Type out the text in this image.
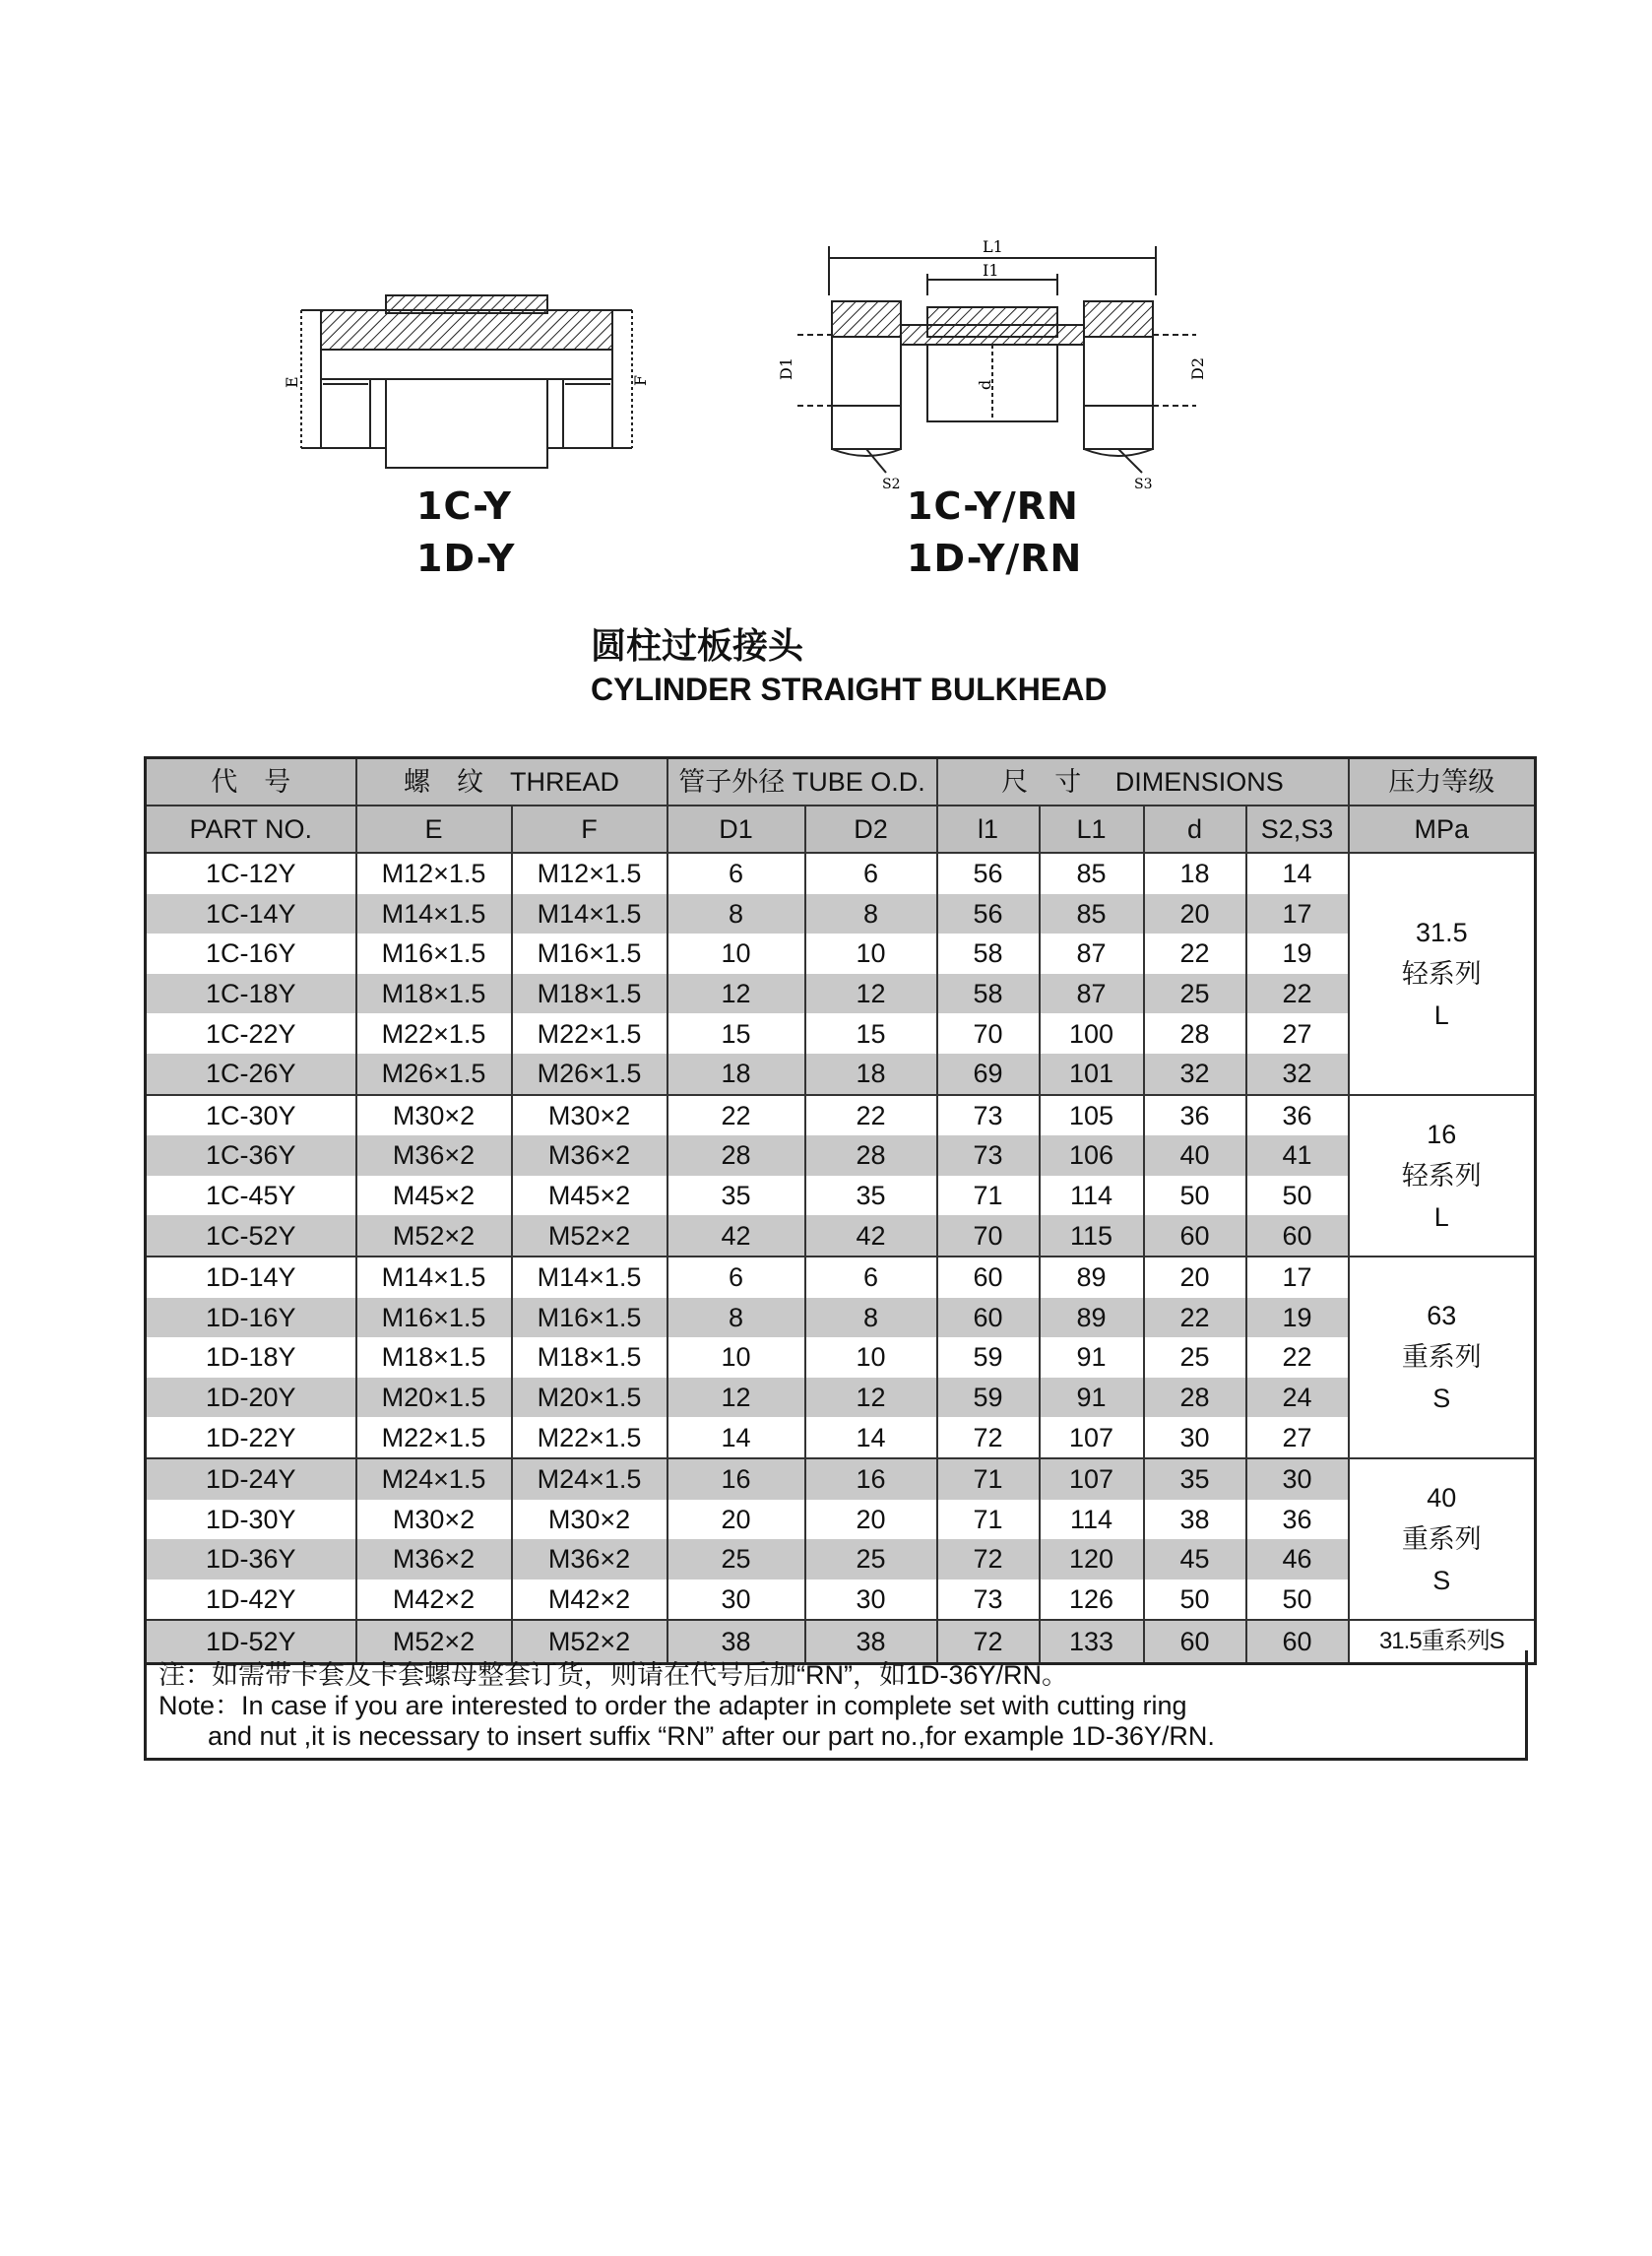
E	F
L1
I1
D1	D2
d
S2	S3
1C-Y
1D-Y
1C-Y/RN
1D-Y/RN
圆柱过板接头
CYLINDER STRAIGHT BULKHEAD
代　号	螺　纹　THREAD		管子外径 TUBE O.D.		尺　寸　 DIMENSIONS				压力等级
PART NO.	E	F	D1	D2	l1	L1	d	S2,S3	MPa
1C-12Y	M12×1.5	M12×1.5	6	6	56	85	18	14	31.5
轻系列
L

1C-14Y	M14×1.5	M14×1.5	8	8	56	85	20	17	
1C-16Y	M16×1.5	M16×1.5	10	10	58	87	22	19	
1C-18Y	M18×1.5	M18×1.5	12	12	58	87	25	22	
1C-22Y	M22×1.5	M22×1.5	15	15	70	100	28	27	
1C-26Y	M26×1.5	M26×1.5	18	18	69	101	32	32	
1C-30Y	M30×2	M30×2	22	22	73	105	36	36	16
轻系列
L

1C-36Y	M36×2	M36×2	28	28	73	106	40	41	
1C-45Y	M45×2	M45×2	35	35	71	114	50	50	
1C-52Y	M52×2	M52×2	42	42	70	115	60	60	
1D-14Y	M14×1.5	M14×1.5	6	6	60	89	20	17	63
重系列
S

1D-16Y	M16×1.5	M16×1.5	8	8	60	89	22	19	
1D-18Y	M18×1.5	M18×1.5	10	10	59	91	25	22	
1D-20Y	M20×1.5	M20×1.5	12	12	59	91	28	24	
1D-22Y	M22×1.5	M22×1.5	14	14	72	107	30	27	
1D-24Y	M24×1.5	M24×1.5	16	16	71	107	35	30	40
重系列
S

1D-30Y	M30×2	M30×2	20	20	71	114	38	36	
1D-36Y	M36×2	M36×2	25	25	72	120	45	46	
1D-42Y	M42×2	M42×2	30	30	73	126	50	50	
1D-52Y	M52×2	M52×2	38	38	72	133	60	60	31.5重系列S
注：如需带卡套及卡套螺母整套订货，则请在代号后加“RN”，如1D-36Y/RN。
Note：In case if you are interested to order the adapter in complete set with cutting ring
and nut ,it is necessary to insert suffix “RN” after our part no.,for example 1D-36Y/RN.
